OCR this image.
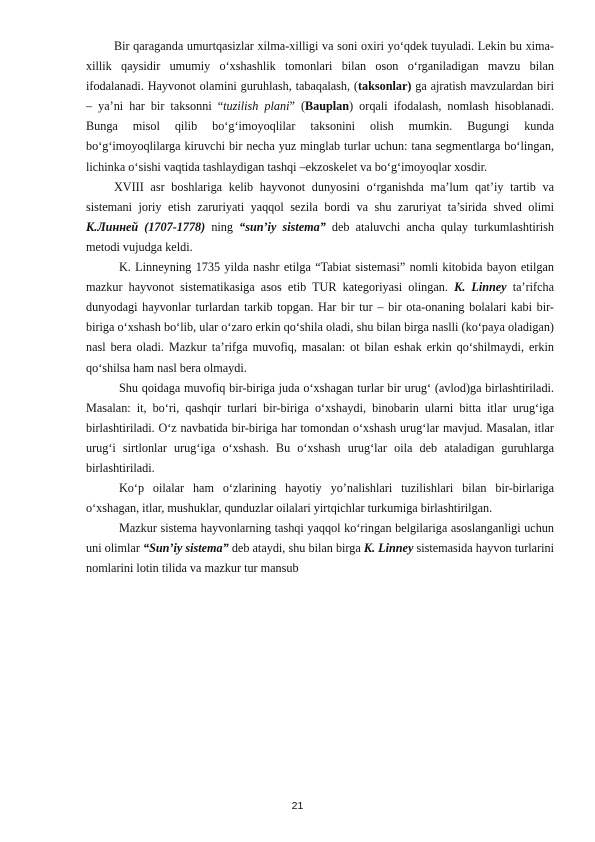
Bir qaraganda umurtqasizlar xilma-xilligi va soni oxiri yo‘qdek tuyuladi. Lekin bu xima-xillik qaysidir umumiy o‘xshashlik tomonlari bilan oson o‘rganiladigan mavzu bilan ifodalanadi. Hayvonot olamini guruhlash, tabaqalash, (taksonlar) ga ajratish mavzulardan biri – ya’ni har bir taksonni “tuzilish plani” (Bauplan) orqali ifodalash, nomlash hisoblanadi. Bunga misol qilib bo‘g‘imoyoqlilar taksonini olish mumkin. Bugungi kunda bo‘g‘imoyoqlilarga kiruvchi bir necha yuz minglab turlar uchun: tana segmentlarga bo‘lingan, lichinka o‘sishi vaqtida tashlaydigan tashqi –ekzoskelet va bo‘g‘imoyoqlar xosdir.

XVIII asr boshlariga kelib hayvonot dunyosini o‘rganishda ma’lum qat’iy tartib va sistemani joriy etish zaruriyati yaqqol sezila bordi va shu zaruriyat ta’sirida shved olimi К.Линней (1707-1778) ning “sun’iy sistema” deb ataluvchi ancha qulay turkumlashtirish metodi vujudga keldi.

K. Linneyning 1735 yilda nashr etilga “Tabiat sistemasi” nomli kitobida bayon etilgan mazkur hayvonot sistematikasiga asos etib TUR kategoriyasi olingan. K. Linney ta’rifcha dunyodagi hayvonlar turlardan tarkib topgan. Har bir tur – bir ota-onaning bolalari kabi bir-biriga o‘xshash bo‘lib, ular o‘zaro erkin qo‘shila oladi, shu bilan birga naslli (ko‘paya oladigan) nasl bera oladi. Mazkur ta’rifga muvofiq, masalan: ot bilan eshak erkin qo‘shilmaydi, erkin qo‘shilsa ham nasl bera olmaydi.

Shu qoidaga muvofiq bir-biriga juda o‘xshagan turlar bir urug‘ (avlod)ga birlashtiriladi. Masalan: it, bo‘ri, qashqir turlari bir-biriga o‘xshaydi, binobarin ularni bitta itlar urug‘iga birlashtiriladi. O‘z navbatida bir-biriga har tomondan o‘xshash urug‘lar mavjud. Masalan, itlar urug‘i sirtlonlar urug‘iga o‘xshash. Bu o‘xshash urug‘lar oila deb ataladigan guruhlarga birlashtiriladi.

Ko‘p oilalar ham o‘zlarining hayotiy yo’nalishlari tuzilishlari bilan bir-birlariga o‘xshagan, itlar, mushuklar, qunduzlar oilalari yirtqichlar turkumiga birlashtirilgan.

Mazkur sistema hayvonlarning tashqi yaqqol ko‘ringan belgilariga asoslanganligi uchun uni olimlar “Sun’iy sistema” deb ataydi, shu bilan birga K. Linney sistemasida hayvon turlarini nomlarini lotin tilida va mazkur tur mansub

21
